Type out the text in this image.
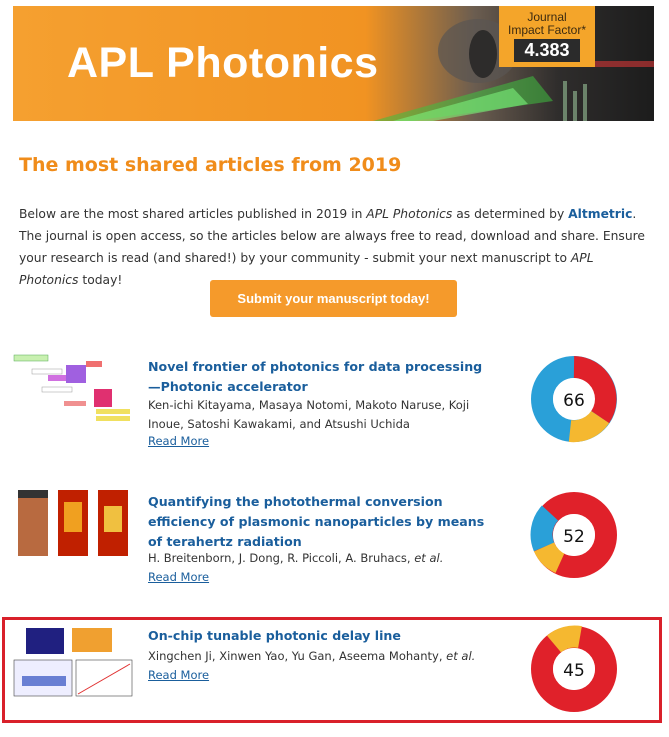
APL Photonics
Journal
Impact Factor*
4.383
The most shared articles from 2019
Below are the most shared articles published in 2019 in APL Photonics as determined by Altmetric. The journal is open access, so the articles below are always free to read, download and share. Ensure your research is read (and shared!) by your community - submit your next manuscript to APL Photonics today!
Submit your manuscript today!
Novel frontier of photonics for data processing—Photonic accelerator
Ken-ichi Kitayama, Masaya Notomi, Makoto Naruse, Koji Inoue, Satoshi Kawakami, and Atsushi Uchida
Read More
66
Quantifying the photothermal conversion efficiency of plasmonic nanoparticles by means of terahertz radiation
H. Breitenborn, J. Dong, R. Piccoli, A. Bruhacs, et al.
Read More
52
On-chip tunable photonic delay line
Xingchen Ji, Xinwen Yao, Yu Gan, Aseema Mohanty, et al.
Read More	45
